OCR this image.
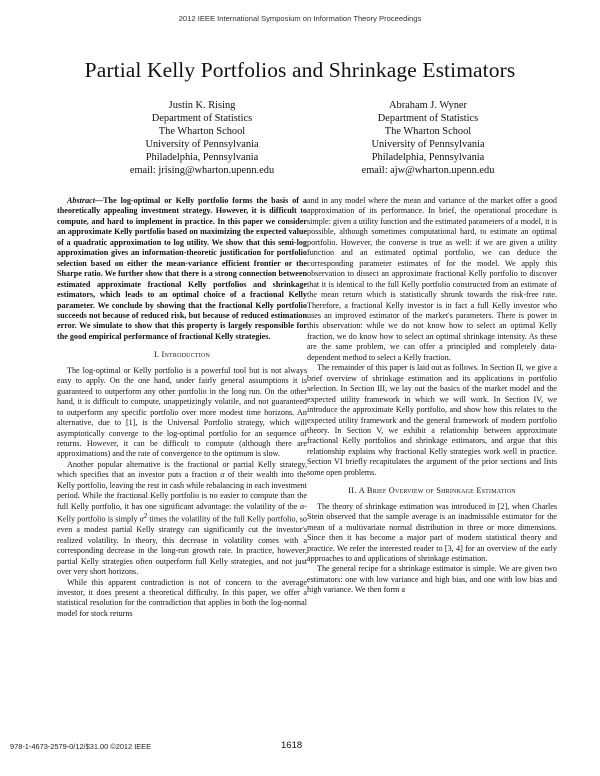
2012 IEEE International Symposium on Information Theory Proceedings
Partial Kelly Portfolios and Shrinkage Estimators
Justin K. Rising
Department of Statistics
The Wharton School
University of Pennsylvania
Philadelphia, Pennsylvania
email: jrising@wharton.upenn.edu
Abraham J. Wyner
Department of Statistics
The Wharton School
University of Pennsylvania
Philadelphia, Pennsylvania
email: ajw@wharton.upenn.edu

Abstract—The log-optimal or Kelly portfolio forms the basis of a theoretically appealing investment strategy. However, it is difficult to compute, and hard to implement in practice. In this paper we consider an approximate Kelly portfolio based on maximizing the expected value of a quadratic approximation to log utility. We show that this semi-log approximation gives an information-theoretic justification for portfolio selection based on either the mean-variance efficient frontier or the Sharpe ratio. We further show that there is a strong connection between estimated approximate fractional Kelly portfolios and shrinkage estimators, which leads to an optimal choice of a fractional Kelly parameter. We conclude by showing that the fractional Kelly portfolio succeeds not because of reduced risk, but because of reduced estimation error. We simulate to show that this property is largely responsible for the good empirical performance of fractional Kelly strategies.

I. Introduction

The log-optimal or Kelly portfolio is a powerful tool but is not always easy to apply. On the one hand, under fairly general assumptions it is guaranteed to outperform any other portfolio in the long run. On the other hand, it is difficult to compute, unappetizingly volatile, and not guaranteed to outperform any specific portfolio over more modest time horizons. An alternative, due to [1], is the Universal Portfolio strategy, which will asymptotically converge to the log-optimal portfolio for an sequence of returns. However, it can be difficult to compute (although there are approximations) and the rate of convergence to the optimum is slow.

Another popular alternative is the fractional or partial Kelly strategy, which specifies that an investor puts a fraction α of their wealth into the Kelly portfolio, leaving the rest in cash while rebalancing in each investment period. While the fractional Kelly portfolio is no easier to compute than the full Kelly portfolio, it has one significant advantage: the volatility of the α-Kelly portfolio is simply $\alpha^2$ times the volatility of the full Kelly portfolio, so even a modest partial Kelly strategy can significantly cut the investor's realized volatility. In theory, this decrease in volatility comes with a corresponding decrease in the long-run growth rate. In practice, however, partial Kelly strategies often outperform full Kelly strategies, and not just over very short horizons.

While this apparent contradiction is not of concern to the average investor, it does present a theoretical difficulty. In this paper, we offer a statistical resolution for the contradiction that applies in both the log-normal model for stock returns

and in any model where the mean and variance of the market offer a good approximation of its performance. In brief, the operational procedure is simple: given a utility function and the estimated parameters of a model, it is possible, although sometimes computational hard, to estimate an optimal portfolio. However, the converse is true as well: if we are given a utility function and an estimated optimal portfolio, we can deduce the corresponding parameter estimates of for the model. We apply this observation to dissect an approximate fractional Kelly portfolio to discover that it is identical to the full Kelly portfolio constructed from an estimate of the mean return which is statistically shrunk towards the risk-free rate. Therefore, a fractional Kelly investor is in fact a full Kelly investor who uses an improved estimator of the market's parameters. There is power in this observation: while we do not know how to select an optimal Kelly fraction, we do know how to select an optimal shrinkage intensity. As these are the same problem, we can offer a principled and completely data-dependent method to select a Kelly fraction.

The remainder of this paper is laid out as follows. In Section II, we give a brief overview of shrinkage estimation and its applications in portfolio selection. In Section III, we lay out the basics of the market model and the expected utility framework in which we will work. In Section IV, we introduce the approximate Kelly portfolio, and show how this relates to the expected utility framework and the general framework of modern portfolio theory. In Section V, we exhibit a relationship between approximate fractional Kelly portfolios and shrinkage estimators, and argue that this relationship explains why fractional Kelly strategies work well in practice. Section VI briefly recapitulates the argument of the prior sections and lists some open problems.

II. A Brief Overview of Shrinkage Estimation

The theory of shrinkage estimation was introduced in [2], when Charles Stein observed that the sample average is an inadmissible estimator for the mean of a multivariate normal distribution in three or more dimensions. Since then it has become a major part of modern statistical theory and practice. We refer the interested reader to [3, 4] for an overview of the early approaches to and applications of shrinkage estimation.

The general recipe for a shrinkage estimator is simple. We are given two estimators: one with low variance and high bias, and one with low bias and high variance. We then form a

978-1-4673-2579-0/12/$31.00 ©2012 IEEE	1618
